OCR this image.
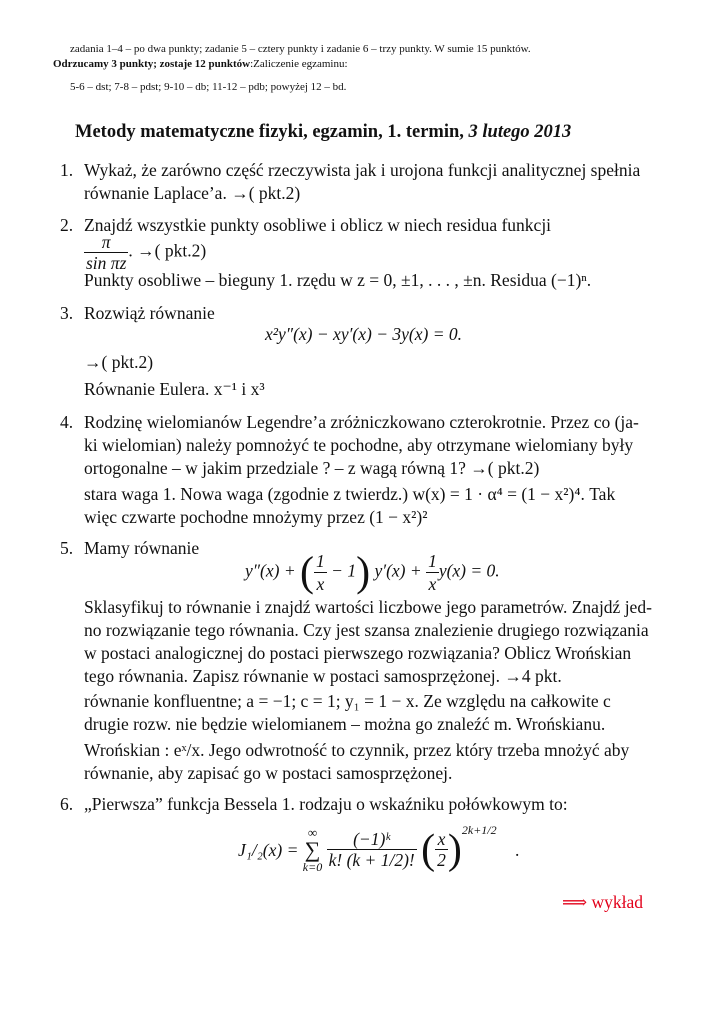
zadania 1–4 – po dwa punkty; zadanie 5 – cztery punkty i zadanie 6 – trzy punkty. W sumie 15 punktów.
Odrzucamy 3 punkty; zostaje 12 punktów:Zaliczenie egzaminu:
5-6 – dst; 7-8 – pdst; 9-10 – db; 11-12 – pdb; powyżej 12 – bd.
Metody matematyczne fizyki, egzamin, 1. termin, 3 lutego 2013
1. Wykaż, że zarówno część rzeczywista jak i urojona funkcji analitycznej spełnia
równanie Laplace’a. →( pkt.2)
2. Znajdź wszystkie punkty osobliwe i oblicz w niech residua funkcji
$\frac{\pi}{\text{sin πz}}$ . →( pkt.2)
Punkty osobliwe – bieguny 1. rzędu w z = 0, ±1, . . . , ±n. Residua (−1)ⁿ.
3. Rozwiąż równanie
x²y″(x) − xy′(x) − 3y(x) = 0.
→( pkt.2)
Równanie Eulera. x⁻¹ i x³
4. Rodzinę wielomianów Legendre’a zróżniczkowano czterokrotnie. Przez co (ja-
ki wielomian) należy pomnożyć te pochodne, aby otrzymane wielomiany były
ortogonalne – w jakim przedziale ? – z wagą równą 1? →( pkt.2)
stara waga 1. Nowa waga (zgodnie z twierdz.) w(x) = 1 · α⁴ = (1 − x²)⁴. Tak
więc czwarte pochodne mnożymy przez (1 − x²)²
5. Mamy równanie
y″(x) + ( $\frac{1}{x} - 1$) $y'(x) + \frac{1}{x} y(x) = 0$.
Sklasyfikuj to równanie i znajdź wartości liczbowe jego parametrów. Znajdź jed-
no rozwiązanie tego równania. Czy jest szansa znalezienie drugiego rozwiązania
w postaci analogicznej do postaci pierwszego rozwiązania? Oblicz Wrońskian
tego równania. Zapisz równanie w postaci samosprzężonej. →4 pkt.
równanie konfluentne; a = −1; c = 1; y₁ = 1 − x. Ze względu na całkowite c
drugie rozw. nie będzie wielomianem – można go znaleźć m. Wrońskianu.
Wrońskian : eˣ/x. Jego odwrotność to czynnik, przez który trzeba mnożyć aby
równanie, aby zapisać go w postaci samosprzężonej.
6. „Pierwsza” funkcja Bessela 1. rodzaju o wskaźniku połówkowym to:
J₁/₂(x) =
∞
∑
k=0
$\frac{\text{(−1)ᵏ}}{k! (k + 1/2)!}$ ( $\frac{x}{2} )^{2k+1/2}$ .
⟹ wykład
